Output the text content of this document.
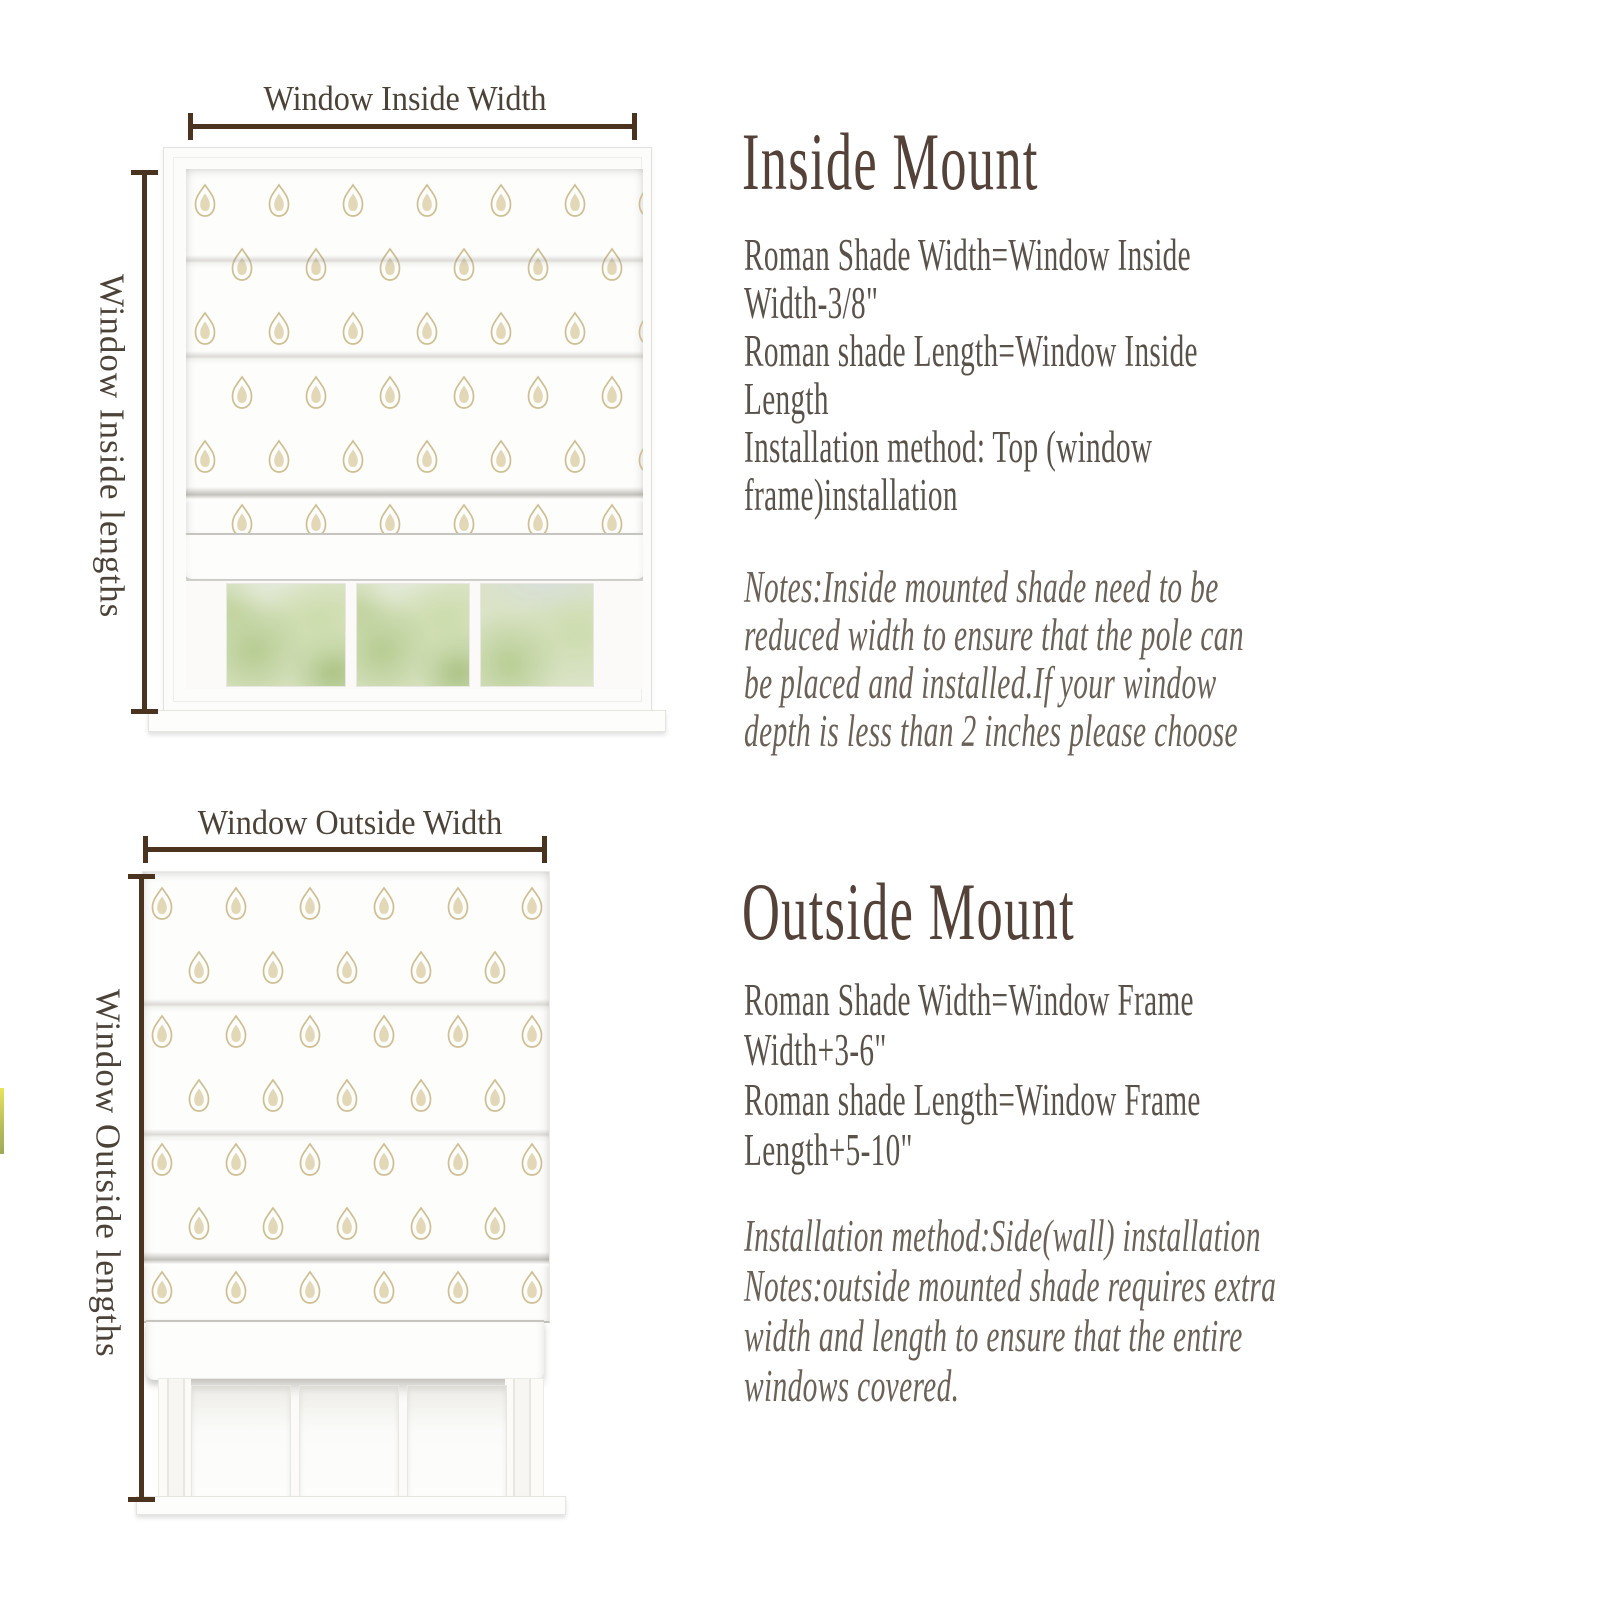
Window Inside Width
Window Inside lengths
Inside Mount
Roman Shade Width=Window Inside
Width-3/8"
Roman shade Length=Window Inside
Length
Installation method: Top (window
frame)installation
Notes:Inside mounted shade need to be
reduced width to ensure that the pole can
be placed and installed.If your window
depth is less than 2 inches please choose
Window Outside Width
Window Outside lengths
Outside Mount
Roman Shade Width=Window Frame
Width+3-6"
Roman shade Length=Window Frame
Length+5-10"
Installation method:Side(wall) installation
Notes:outside mounted shade requires extra
width and length to ensure that the entire
windows covered.
